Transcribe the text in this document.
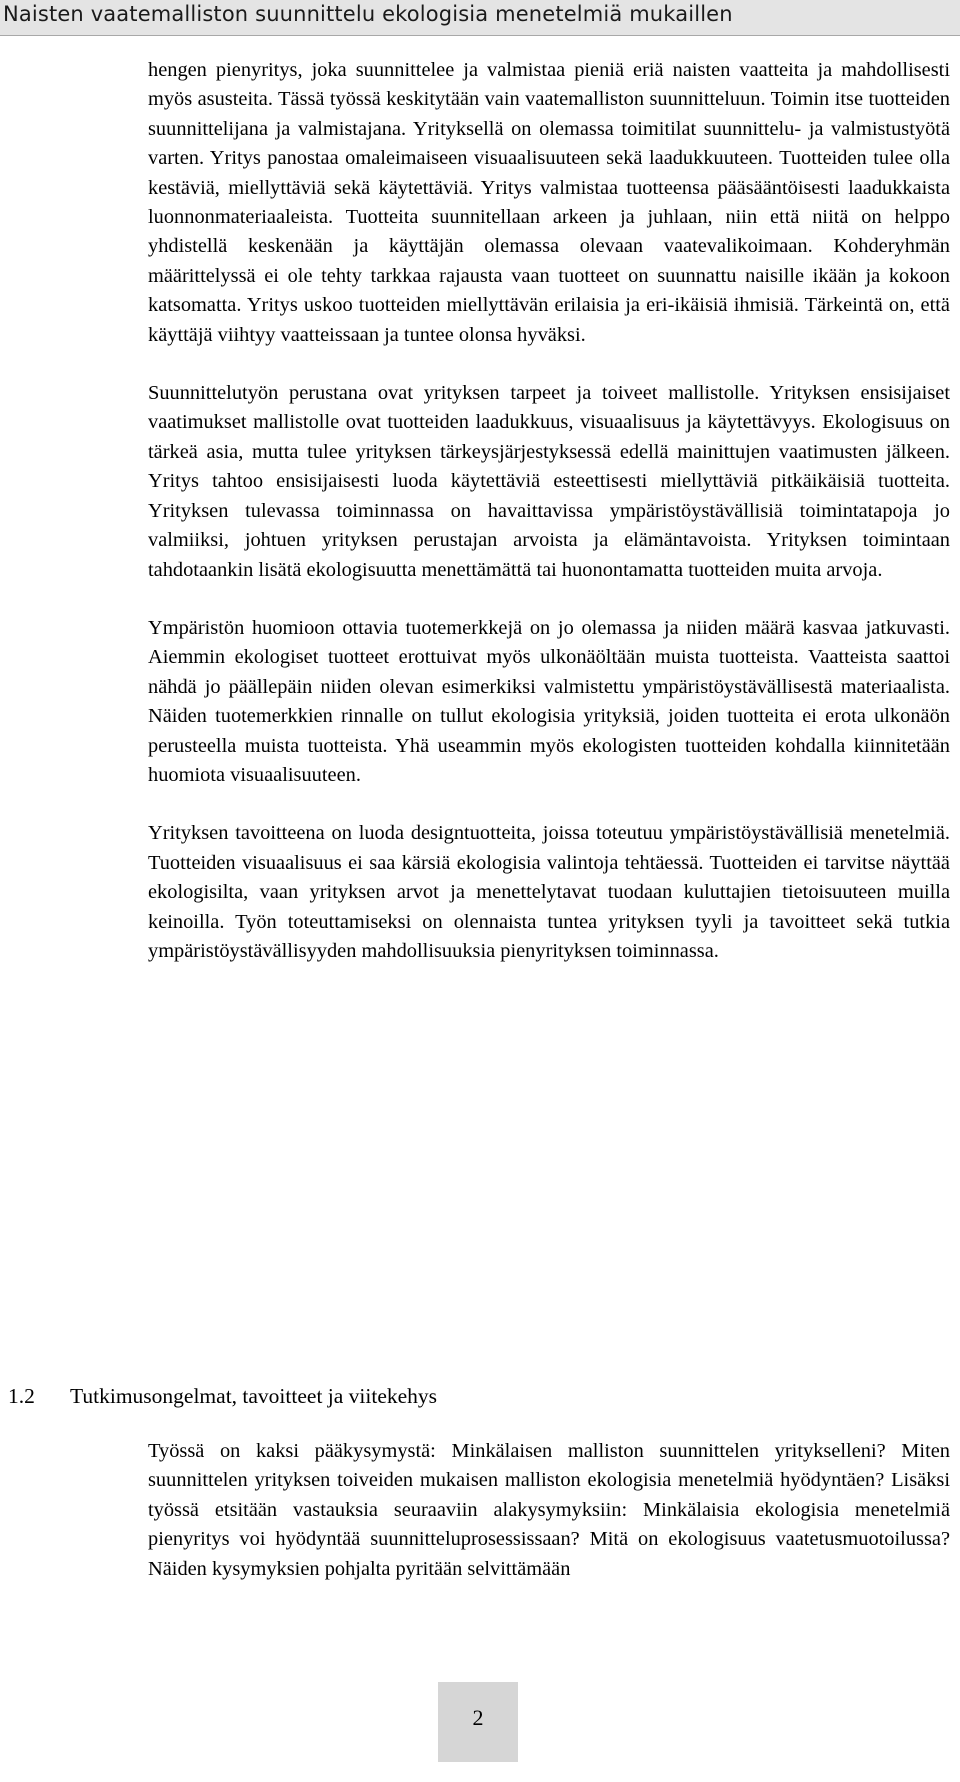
Naisten vaatemalliston suunnittelu ekologisia menetelmiä mukaillen

hengen pienyritys, joka suunnittelee ja valmistaa pieniä eriä naisten vaatteita ja mahdollisesti myös asusteita. Tässä työssä keskitytään vain vaatemalliston suunnitteluun. Toimin itse tuotteiden suunnittelijana ja valmistajana. Yrityksellä on olemassa toimitilat suunnittelu- ja valmistustyötä varten. Yritys panostaa omaleimaiseen visuaalisuuteen sekä laadukkuuteen. Tuotteiden tulee olla kestäviä, miellyttäviä sekä käytettäviä. Yritys valmistaa tuotteensa pääsääntöisesti laadukkaista luonnonmateriaaleista. Tuotteita suunnitellaan arkeen ja juhlaan, niin että niitä on helppo yhdistellä keskenään ja käyttäjän olemassa olevaan vaatevalikoimaan. Kohderyhmän määrittelyssä ei ole tehty tarkkaa rajausta vaan tuotteet on suunnattu naisille ikään ja kokoon katsomatta. Yritys uskoo tuotteiden miellyttävän erilaisia ja eri-ikäisiä ihmisiä. Tärkeintä on, että käyttäjä viihtyy vaatteissaan ja tuntee olonsa hyväksi.

Suunnittelutyön perustana ovat yrityksen tarpeet ja toiveet mallistolle. Yrityksen ensisijaiset vaatimukset mallistolle ovat tuotteiden laadukkuus, visuaalisuus ja käytettävyys. Ekologisuus on tärkeä asia, mutta tulee yrityksen tärkeysjärjestyksessä edellä mainittujen vaatimusten jälkeen. Yritys tahtoo ensisijaisesti luoda käytettäviä esteettisesti miellyttäviä pitkäikäisiä tuotteita. Yrityksen tulevassa toiminnassa on havaittavissa ympäristöystävällisiä toimintatapoja jo valmiiksi, johtuen yrityksen perustajan arvoista ja elämäntavoista. Yrityksen toimintaan tahdotaankin lisätä ekologisuutta menettämättä tai huonontamatta tuotteiden muita arvoja.

Ympäristön huomioon ottavia tuotemerkkejä on jo olemassa ja niiden määrä kasvaa jatkuvasti. Aiemmin ekologiset tuotteet erottuivat myös ulkonäöltään muista tuotteista. Vaatteista saattoi nähdä jo päällepäin niiden olevan esimerkiksi valmistettu ympäristöystävällisestä materiaalista. Näiden tuotemerkkien rinnalle on tullut ekologisia yrityksiä, joiden tuotteita ei erota ulkonäön perusteella muista tuotteista. Yhä useammin myös ekologisten tuotteiden kohdalla kiinnitetään huomiota visuaalisuuteen.

Yrityksen tavoitteena on luoda designtuotteita, joissa toteutuu ympäristöystävällisiä menetelmiä. Tuotteiden visuaalisuus ei saa kärsiä ekologisia valintoja tehtäessä. Tuotteiden ei tarvitse näyttää ekologisilta, vaan yrityksen arvot ja menettelytavat tuodaan kuluttajien tietoisuuteen muilla keinoilla. Työn toteuttamiseksi on olennaista tuntea yrityksen tyyli ja tavoitteet sekä tutkia ympäristöystävällisyyden mahdollisuuksia pienyrityksen toiminnassa.

1.2 Tutkimusongelmat, tavoitteet ja viitekehys

Työssä on kaksi pääkysymystä: Minkälaisen malliston suunnittelen yritykselleni? Miten suunnittelen yrityksen toiveiden mukaisen malliston ekologisia menetelmiä hyödyntäen? Lisäksi työssä etsitään vastauksia seuraaviin alakysymyksiin: Minkälaisia ekologisia menetelmiä pienyritys voi hyödyntää suunnitteluprosessissaan? Mitä on ekologisuus vaatetusmuotoilussa? Näiden kysymyksien pohjalta pyritään selvittämään

2
